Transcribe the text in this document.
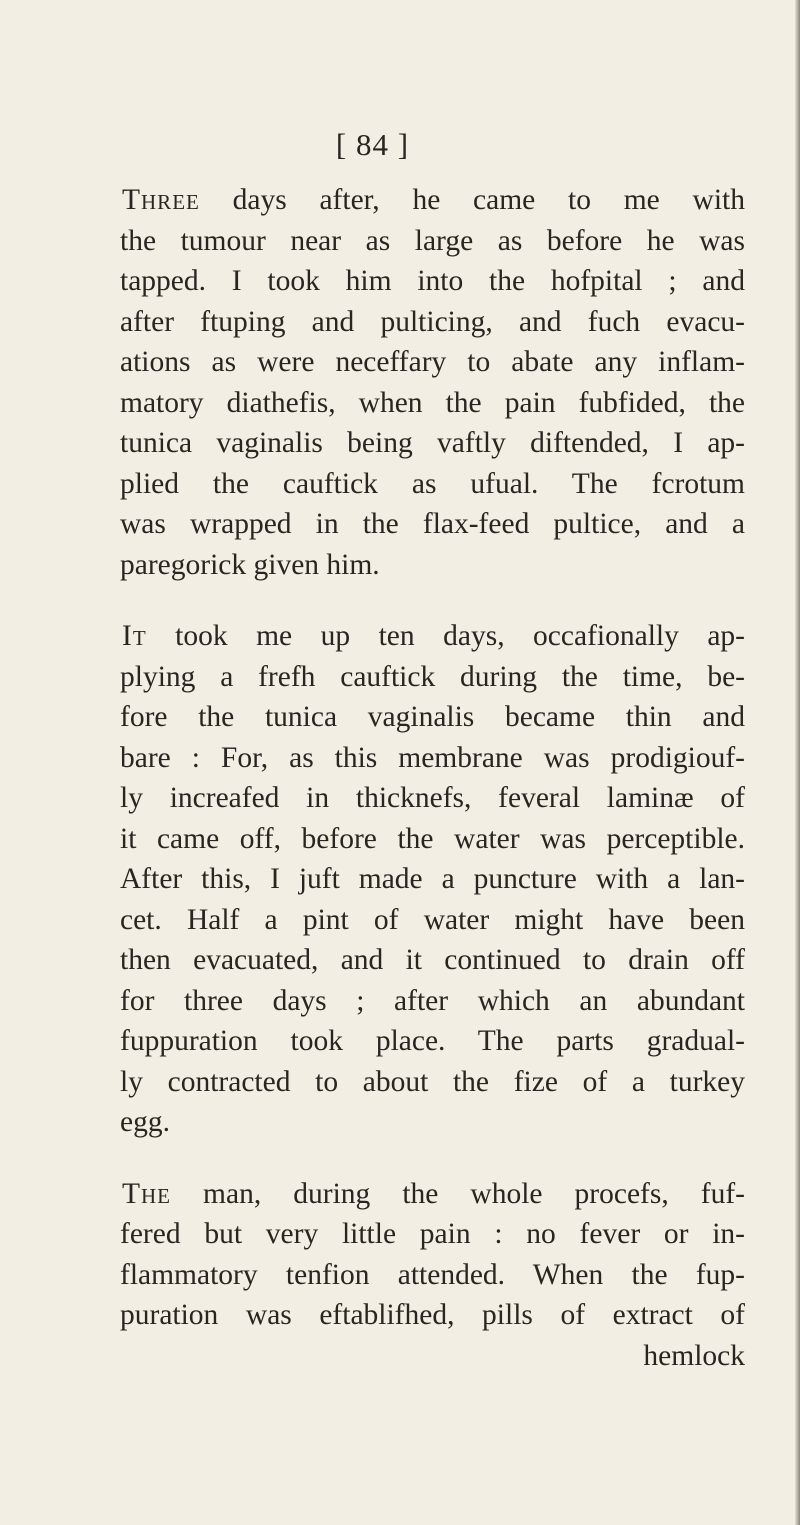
[ 84 ]
Three days after, he came to me with
the tumour near as large as before he was
tapped. I took him into the hofpital ; and
after ftuping and pulticing, and fuch evacu-
ations as were neceffary to abate any inflam-
matory diathefis, when the pain fubfided, the
tunica vaginalis being vaftly diftended, I ap-
plied the cauftick as ufual. The fcrotum
was wrapped in the flax-feed pultice, and a
paregorick given him.
It took me up ten days, occafionally ap-
plying a frefh cauftick during the time, be-
fore the tunica vaginalis became thin and
bare : For, as this membrane was prodigiouf-
ly increafed in thicknefs, feveral laminæ of
it came off, before the water was perceptible.
After this, I juft made a puncture with a lan-
cet. Half a pint of water might have been
then evacuated, and it continued to drain off
for three days ; after which an abundant
fuppuration took place. The parts gradual-
ly contracted to about the fize of a turkey
egg.
The man, during the whole procefs, fuf-
fered but very little pain : no fever or in-
flammatory tenfion attended. When the fup-
puration was eftablifhed, pills of extract of
hemlock
